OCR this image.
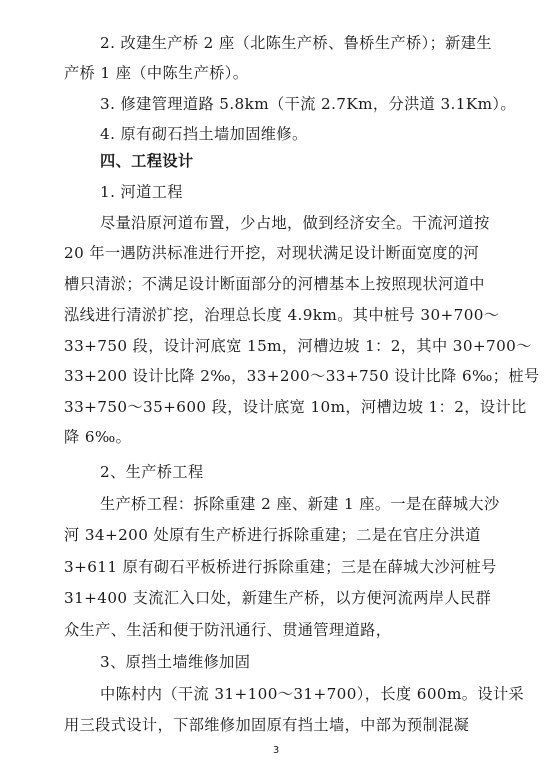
2. 改建生产桥 2 座（北陈生产桥、鲁桥生产桥）；新建生
产桥 1 座（中陈生产桥）。
3. 修建管理道路 5.8km（干流 2.7Km，分洪道 3.1Km）。
4. 原有砌石挡土墙加固维修。
四、工程设计
1. 河道工程
尽量沿原河道布置，少占地，做到经济安全。干流河道按
20 年一遇防洪标准进行开挖，对现状满足设计断面宽度的河
槽只清淤；不满足设计断面部分的河槽基本上按照现状河道中
泓线进行清淤扩挖，治理总长度 4.9km。其中桩号 30+700～
33+750 段，设计河底宽 15m，河槽边坡 1：2，其中 30+700～
33+200 设计比降 2‰，33+200～33+750 设计比降 6‰；桩号
33+750～35+600 段，设计底宽 10m，河槽边坡 1：2，设计比
降 6‰。
2、生产桥工程
生产桥工程：拆除重建 2 座、新建 1 座。一是在薛城大沙
河 34+200 处原有生产桥进行拆除重建；二是在官庄分洪道
3+611 原有砌石平板桥进行拆除重建；三是在薛城大沙河桩号
31+400 支流汇入口处，新建生产桥，以方便河流两岸人民群
众生产、生活和便于防汛通行、贯通管理道路，
3、原挡土墙维修加固
中陈村内（干流 31+100～31+700），长度 600m。设计采
用三段式设计，下部维修加固原有挡土墙，中部为预制混凝
3
